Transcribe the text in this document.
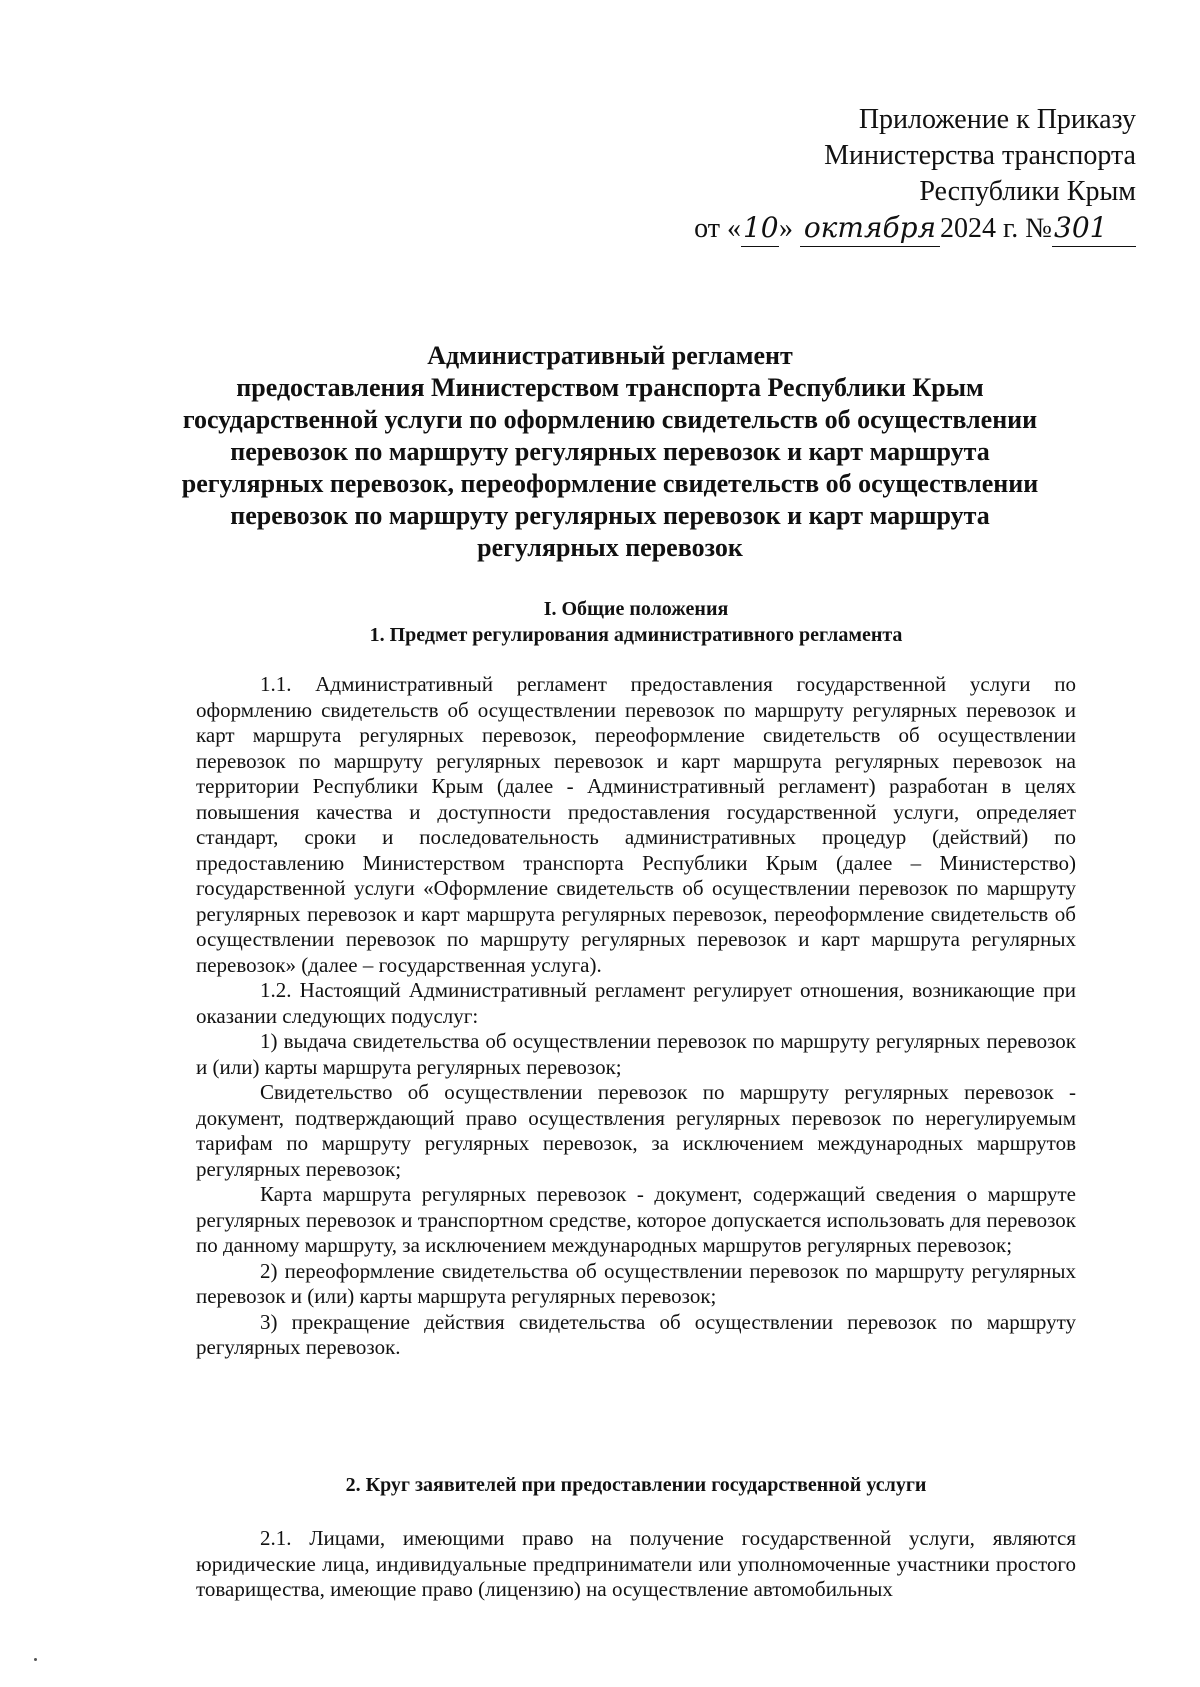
Приложение к Приказу
Министерства транспорта
Республики Крым
от «10» октября 2024 г. №301
Административный регламент
предоставления Министерством транспорта Республики Крым
государственной услуги по оформлению свидетельств об осуществлении
перевозок по маршруту регулярных перевозок и карт маршрута
регулярных перевозок, переоформление свидетельств об осуществлении
перевозок по маршруту регулярных перевозок и карт маршрута
регулярных перевозок
I. Общие положения
1. Предмет регулирования административного регламента

1.1. Административный регламент предоставления государственной услуги по оформлению свидетельств об осуществлении перевозок по маршруту регулярных перевозок и карт маршрута регулярных перевозок, переоформление свидетельств об осуществлении перевозок по маршруту регулярных перевозок и карт маршрута регулярных перевозок на территории Республики Крым (далее - Административный регламент) разработан в целях повышения качества и доступности предоставления государственной услуги, определяет стандарт, сроки и последовательность административных процедур (действий) по предоставлению Министерством транспорта Республики Крым (далее – Министерство) государственной услуги «Оформление свидетельств об осуществлении перевозок по маршруту регулярных перевозок и карт маршрута регулярных перевозок, переоформление свидетельств об осуществлении перевозок по маршруту регулярных перевозок и карт маршрута регулярных перевозок» (далее – государственная услуга).

1.2. Настоящий Административный регламент регулирует отношения, возникающие при оказании следующих подуслуг:

1) выдача свидетельства об осуществлении перевозок по маршруту регулярных перевозок и (или) карты маршрута регулярных перевозок;

Свидетельство об осуществлении перевозок по маршруту регулярных перевозок - документ, подтверждающий право осуществления регулярных перевозок по нерегулируемым тарифам по маршруту регулярных перевозок, за исключением международных маршрутов регулярных перевозок;

Карта маршрута регулярных перевозок - документ, содержащий сведения о маршруте регулярных перевозок и транспортном средстве, которое допускается использовать для перевозок по данному маршруту, за исключением международных маршрутов регулярных перевозок;

2) переоформление свидетельства об осуществлении перевозок по маршруту регулярных перевозок и (или) карты маршрута регулярных перевозок;

3) прекращение действия свидетельства об осуществлении перевозок по маршруту регулярных перевозок.

2. Круг заявителей при предоставлении государственной услуги

2.1. Лицами, имеющими право на получение государственной услуги, являются юридические лица, индивидуальные предприниматели или уполномоченные участники простого товарищества, имеющие право (лицензию) на осуществление автомобильных
